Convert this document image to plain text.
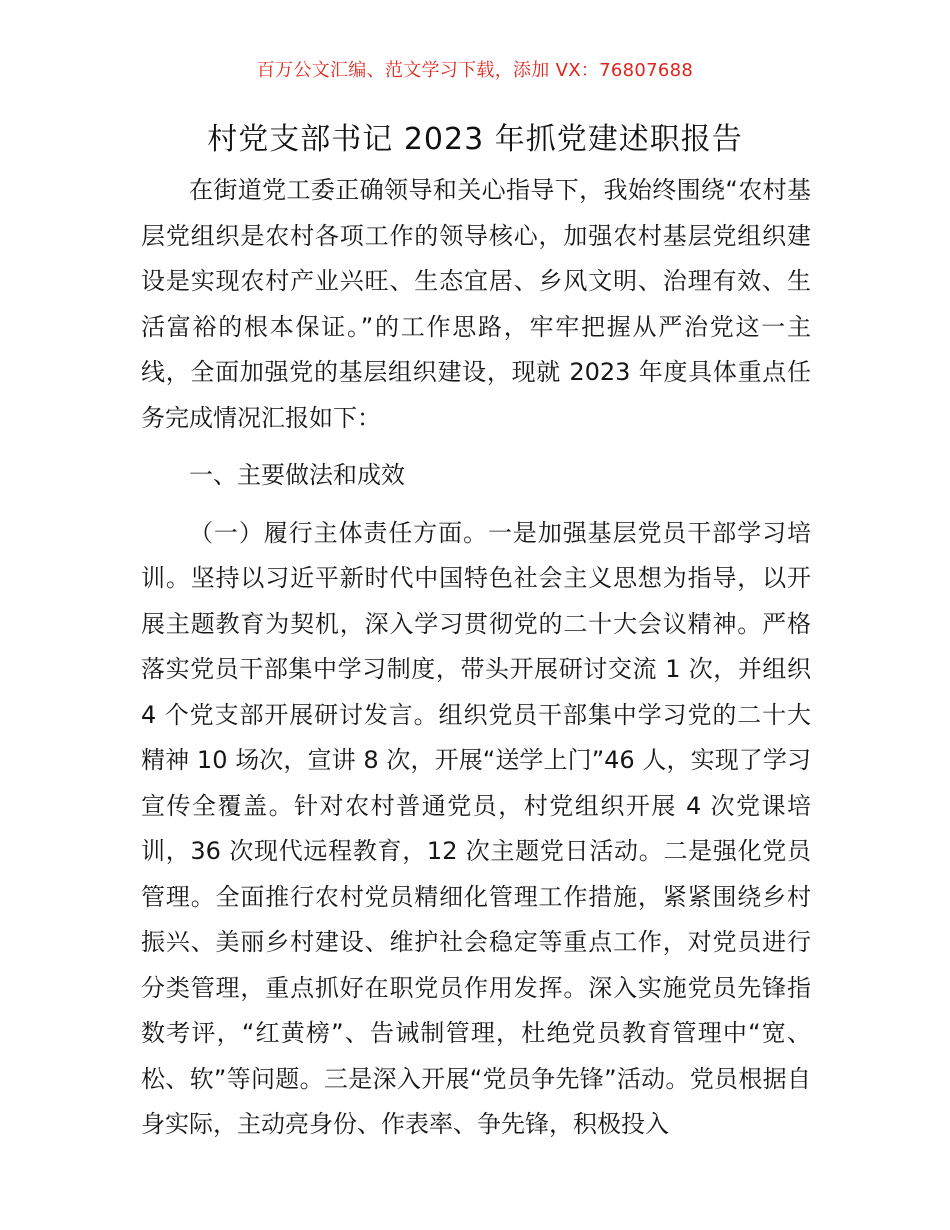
百万公文汇编、范文学习下载，添加 VX：76807688
村党支部书记 2023 年抓党建述职报告

在街道党工委正确领导和关心指导下，我始终围绕“农村基层党组织是农村各项工作的领导核心，加强农村基层党组织建设是实现农村产业兴旺、生态宜居、乡风文明、治理有效、生活富裕的根本保证。”的工作思路，牢牢把握从严治党这一主线，全面加强党的基层组织建设，现就 2023 年度具体重点任务完成情况汇报如下：

一、主要做法和成效

（一）履行主体责任方面。一是加强基层党员干部学习培训。坚持以习近平新时代中国特色社会主义思想为指导，以开展主题教育为契机，深入学习贯彻党的二十大会议精神。严格落实党员干部集中学习制度，带头开展研讨交流 1 次，并组织 4 个党支部开展研讨发言。组织党员干部集中学习党的二十大精神 10 场次，宣讲 8 次，开展“送学上门”46 人，实现了学习宣传全覆盖。针对农村普通党员，村党组织开展 4 次党课培训，36 次现代远程教育，12 次主题党日活动。二是强化党员管理。全面推行农村党员精细化管理工作措施，紧紧围绕乡村振兴、美丽乡村建设、维护社会稳定等重点工作，对党员进行分类管理，重点抓好在职党员作用发挥。深入实施党员先锋指数考评，“红黄榜”、告诫制管理，杜绝党员教育管理中“宽、松、软”等问题。三是深入开展“党员争先锋”活动。党员根据自身实际，主动亮身份、作表率、争先锋，积极投入
